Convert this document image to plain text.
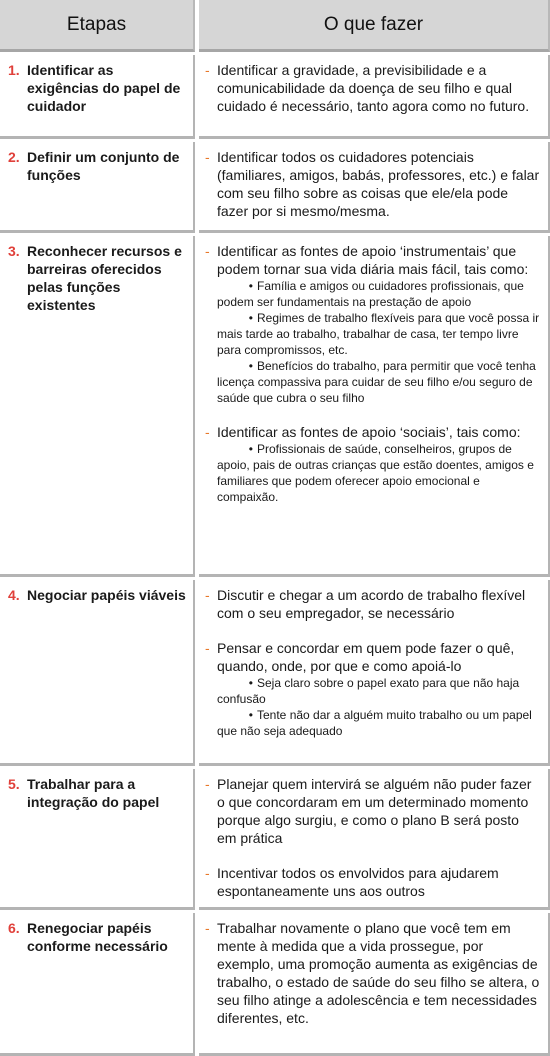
Etapas	O que fazer
1. Identificar as exigências do papel de cuidador
- Identificar a gravidade, a previsibilidade e a comunicabilidade da doença de seu filho e qual cuidado é necessário, tanto agora como no futuro.
2. Definir um conjunto de funções
- Identificar todos os cuidadores potenciais (familiares, amigos, babás, professores, etc.) e falar com seu filho sobre as coisas que ele/ela pode fazer por si mesmo/mesma.
3. Reconhecer recursos e barreiras oferecidos pelas funções existentes
- Identificar as fontes de apoio ‘instrumentais’ que podem tornar sua vida diária mais fácil, tais como:
• Família e amigos ou cuidadores profissionais, que podem ser fundamentais na prestação de apoio
• Regimes de trabalho flexíveis para que você possa ir mais tarde ao trabalho, trabalhar de casa, ter tempo livre para compromissos, etc.
• Benefícios do trabalho, para permitir que você tenha licença compassiva para cuidar de seu filho e/ou seguro de saúde que cubra o seu filho
- Identificar as fontes de apoio ‘sociais’, tais como:
• Profissionais de saúde, conselheiros, grupos de apoio, pais de outras crianças que estão doentes, amigos e familiares que podem oferecer apoio emocional e compaixão.
4. Negociar papéis viáveis - Discutir e chegar a um acordo de trabalho flexível com o seu empregador, se necessário
- Pensar e concordar em quem pode fazer o quê, quando, onde, por que e como apoiá-lo
• Seja claro sobre o papel exato para que não haja confusão
• Tente não dar a alguém muito trabalho ou um papel que não seja adequado
5. Trabalhar para a integração do papel
- Planejar quem intervirá se alguém não puder fazer o que concordaram em um determinado momento porque algo surgiu, e como o plano B será posto em prática
- Incentivar todos os envolvidos para ajudarem espontaneamente uns aos outros
6. Renegociar papéis conforme necessário
- Trabalhar novamente o plano que você tem em mente à medida que a vida prossegue, por exemplo, uma promoção aumenta as exigências de trabalho, o estado de saúde do seu filho se altera, o seu filho atinge a adolescência e tem necessidades diferentes, etc.
